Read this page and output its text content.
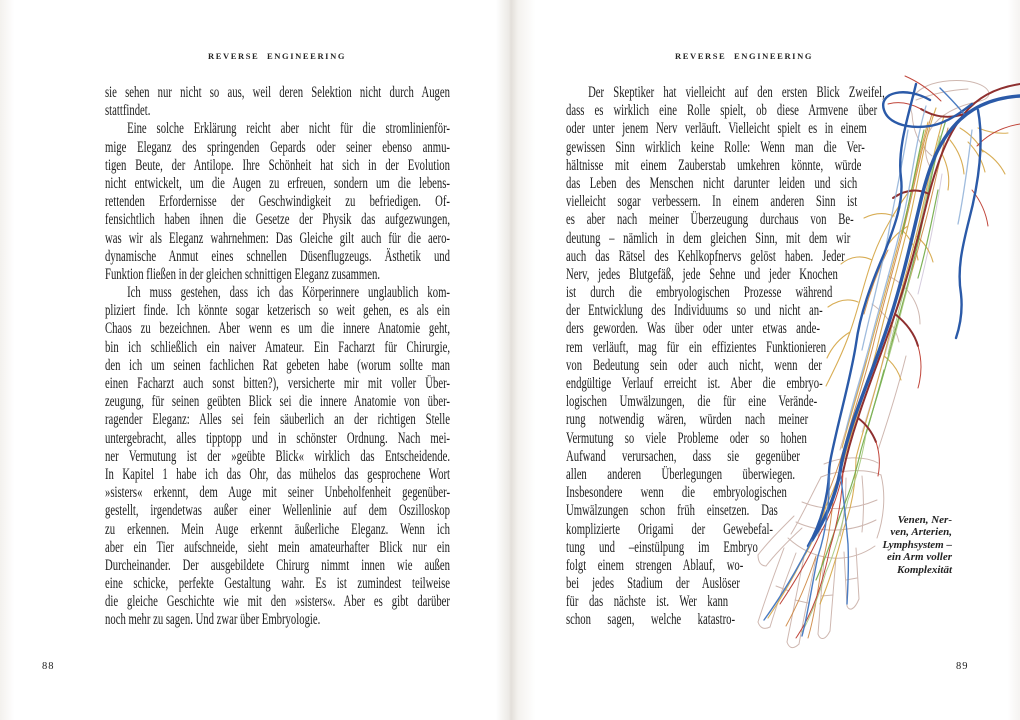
REVERSE ENGINEERING	REVERSE ENGINEERING
sie sehen nur nicht so aus, weil deren Selektion nicht durch Augen
stattfindet.
Eine solche Erklärung reicht aber nicht für die stromlinienför-
mige Eleganz des springenden Gepards oder seiner ebenso anmu-
tigen Beute, der Antilope. Ihre Schönheit hat sich in der Evolution
nicht entwickelt, um die Augen zu erfreuen, sondern um die lebens-
rettenden Erfordernisse der Geschwindigkeit zu befriedigen. Of-
fensichtlich haben ihnen die Gesetze der Physik das aufgezwungen,
was wir als Eleganz wahrnehmen: Das Gleiche gilt auch für die aero-
dynamische Anmut eines schnellen Düsenflugzeugs. Ästhetik und
Funktion fließen in der gleichen schnittigen Eleganz zusammen.
Ich muss gestehen, dass ich das Körperinnere unglaublich kom-
pliziert finde. Ich könnte sogar ketzerisch so weit gehen, es als ein
Chaos zu bezeichnen. Aber wenn es um die innere Anatomie geht,
bin ich schließlich ein naiver Amateur. Ein Facharzt für Chirurgie,
den ich um seinen fachlichen Rat gebeten habe (worum sollte man
einen Facharzt auch sonst bitten?), versicherte mir mit voller Über-
zeugung, für seinen geübten Blick sei die innere Anatomie von über-
ragender Eleganz: Alles sei fein säuberlich an der richtigen Stelle
untergebracht, alles tipptopp und in schönster Ordnung. Nach mei-
ner Vermutung ist der »geübte Blick« wirklich das Entscheidende.
In Kapitel 1 habe ich das Ohr, das mühelos das gesprochene Wort
»sisters« erkennt, dem Auge mit seiner Unbeholfenheit gegenüber-
gestellt, irgendetwas außer einer Wellenlinie auf dem Oszilloskop
zu erkennen. Mein Auge erkennt äußerliche Eleganz. Wenn ich
aber ein Tier aufschneide, sieht mein amateurhafter Blick nur ein
Durcheinander. Der ausgebildete Chirurg nimmt innen wie außen
eine schicke, perfekte Gestaltung wahr. Es ist zumindest teilweise
die gleiche Geschichte wie mit den »sisters«. Aber es gibt darüber
noch mehr zu sagen. Und zwar über Embryologie.
Der Skeptiker hat vielleicht auf den ersten Blick Zweifel,
dass es wirklich eine Rolle spielt, ob diese Armvene über
oder unter jenem Nerv verläuft. Vielleicht spielt es in einem
gewissen Sinn wirklich keine Rolle: Wenn man die Ver-
hältnisse mit einem Zauberstab umkehren könnte, würde
das Leben des Menschen nicht darunter leiden und sich
vielleicht sogar verbessern. In einem anderen Sinn ist
es aber nach meiner Überzeugung durchaus von Be-
deutung – nämlich in dem gleichen Sinn, mit dem wir
auch das Rätsel des Kehlkopfnervs gelöst haben. Jeder
Nerv, jedes Blutgefäß, jede Sehne und jeder Knochen
ist durch die embryologischen Prozesse während
der Entwicklung des Individuums so und nicht an-
ders geworden. Was über oder unter etwas ande-
rem verläuft, mag für ein effizientes Funktionieren
von Bedeutung sein oder auch nicht, wenn der
endgültige Verlauf erreicht ist. Aber die embryo-
logischen Umwälzungen, die für eine Verände-
rung notwendig wären, würden nach meiner
Vermutung so viele Probleme oder so hohen
Aufwand verursachen, dass sie gegenüber
allen anderen Überlegungen überwiegen.
Insbesondere wenn die embryologischen
Umwälzungen schon früh einsetzen. Das
komplizierte Origami der Gewebefal-
tung und –einstülpung im Embryo
folgt einem strengen Ablauf, wo-
bei jedes Stadium der Auslöser
für das nächste ist. Wer kann
schon sagen, welche katastro-
Venen, Ner-
ven, Arterien,
Lymphsystem –
ein Arm voller
Komplexität
88	89
